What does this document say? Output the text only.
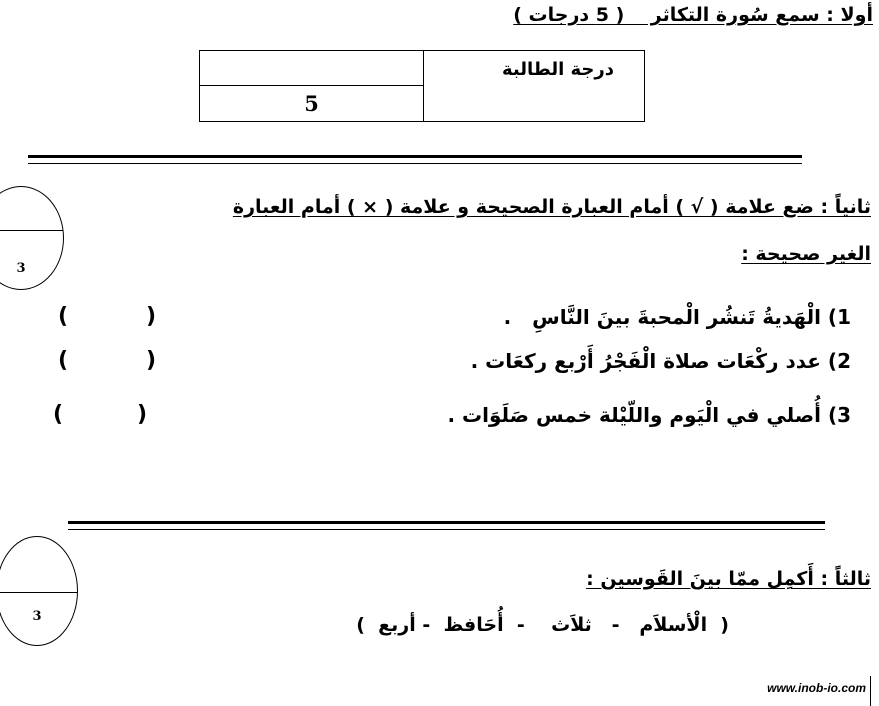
أولا : سمع سُورة التكاثر    ( 5 درجات )
درجة الطالبة
5
3
ثانياً : ضع علامة ( √ ) أمام العبارة الصحيحة و علامة ( × ) أمام العبارة
الغير صحيحة :
1) الْهَديةُ تَنشُر الْمحبةَ بينَ النَّاسِ   .
(	)
2) عدد ركْعَات صلاة الْفَجْرُ أَرْبع ركعَات .
(	)
3) أُصلي في الْيَوم واللّيْلة خمس صَلَوَات .
(	)
3
ثالثاً : أَكمِل ممّا بينَ القَوسين :
(  الْأسلاَم   -   ثلاَث    -  أُحَافظ  - أربع  )
www.inob-io.com
